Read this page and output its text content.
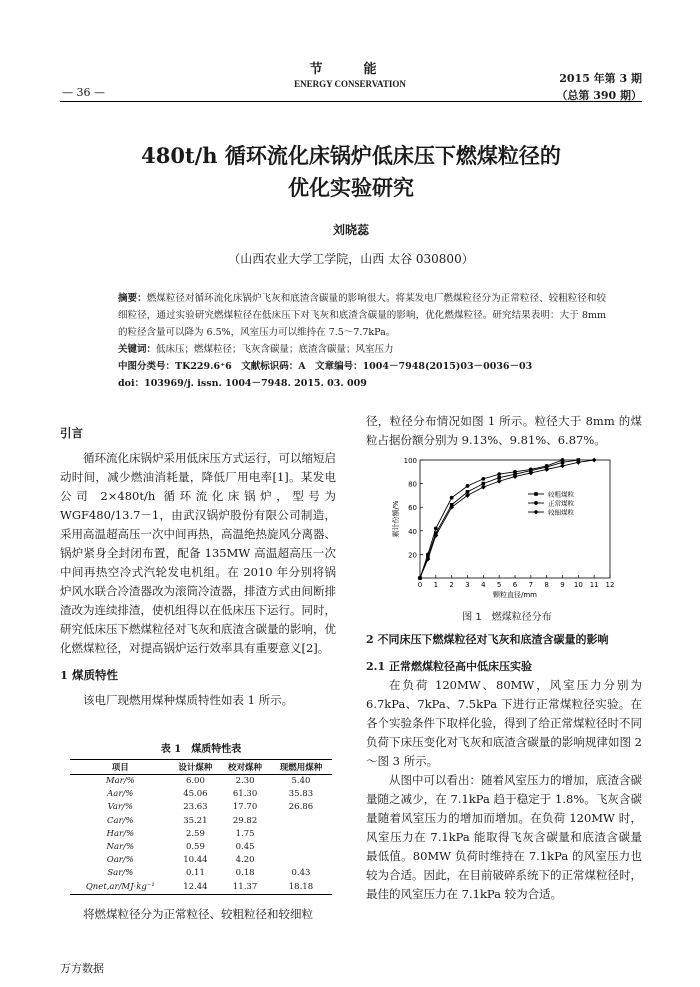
节　能
ENERGY CONSERVATION
— 36 —
2015 年第 3 期
（总第 390 期）
480t/h 循环流化床锅炉低床压下燃煤粒径的
优化实验研究
刘晓蕊
（山西农业大学工学院，山西 太谷 030800）
摘要：燃煤粒径对循环流化床锅炉飞灰和底渣含碳量的影响很大。将某发电厂燃煤粒径分为正常粒径、较粗粒径和较细粒径，通过实验研究燃煤粒径在低床压下对飞灰和底渣含碳量的影响，优化燃煤粒径。研究结果表明：大于 8mm 的粒径含量可以降为 6.5%，风室压力可以维持在 7.5～7.7kPa。
关键词：低床压；燃煤粒径；飞灰含碳量；底渣含碳量；风室压力
中图分类号：TK229.6⁺6　文献标识码：A　文章编号：1004－7948(2015)03－0036－03
doi：103969/j. issn. 1004－7948. 2015. 03. 009
引言

循环流化床锅炉采用低床压方式运行，可以缩短启动时间，减少燃油消耗量，降低厂用电率[1]。某发电公司 2×480t/h 循环流化床锅炉，型号为 WGF480/13.7－1，由武汉锅炉股份有限公司制造，采用高温超高压一次中间再热，高温绝热旋风分离器、锅炉紧身全封闭布置，配备 135MW 高温超高压一次中间再热空冷式汽轮发电机组。在 2010 年分别将锅炉风水联合冷渣器改为滚筒冷渣器，排渣方式由间断排渣改为连续排渣，使机组得以在低床压下运行。同时，研究低床压下燃煤粒径对飞灰和底渣含碳量的影响，优化燃煤粒径，对提高锅炉运行效率具有重要意义[2]。

1 煤质特性

该电厂现燃用煤种煤质特性如表 1 所示。

表 1　煤质特性表
项目	设计煤种	校对煤种	现燃用煤种
Mar/%	6.00	2.30	5.40
Aar/%	45.06	61.30	35.83
Var/%	23.63	17.70	26.86
Car/%	35.21	29.82	
Har/%	2.59	1.75	
Nar/%	0.59	0.45	
Oar/%	10.44	4.20	
Sar/%	0.11	0.18	0.43
Qnet,ar/MJ·kg⁻¹	12.44	11.37	18.18

将燃煤粒径分为正常粒径、较粗粒径和较细粒

径，粒径分布情况如图 1 所示。粒径大于 8mm 的煤粒占据份额分别为 9.13%、9.81%、6.87%。

20
40
60
80
100
0 1 2 3 4 5 6 7 8 9 10 11 12
颗粒直径/mm
累计份额/%
较粗煤粒
正常煤粒
较细煤粒
图 1　燃煤粒径分布
2 不同床压下燃煤粒径对飞灰和底渣含碳量的影响
2.1 正常燃煤粒径高中低床压实验

在负荷 120MW、80MW，风室压力分别为 6.7kPa、7kPa、7.5kPa 下进行正常煤粒径实验。在各个实验条件下取样化验，得到了给正常煤粒径时不同负荷下床压变化对飞灰和底渣含碳量的影响规律如图 2～图 3 所示。

从图中可以看出：随着风室压力的增加，底渣含碳量随之减少，在 7.1kPa 趋于稳定于 1.8%。飞灰含碳量随着风室压力的增加而增加。在负荷 120MW 时，风室压力在 7.1kPa 能取得飞灰含碳量和底渣含碳量最低值。80MW 负荷时维持在 7.1kPa 的风室压力也较为合适。因此，在目前破碎系统下的正常煤粒径时，最佳的风室压力在 7.1kPa 较为合适。

万方数据
